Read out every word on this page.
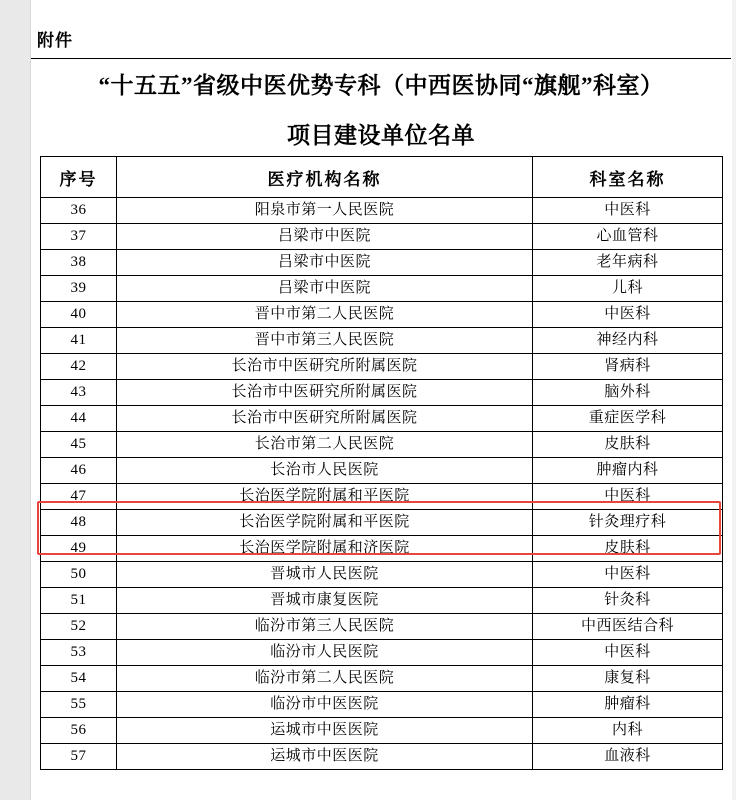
附件
“十五五”省级中医优势专科（中西医协同“旗舰”科室）
项目建设单位名单
序号	医疗机构名称	科室名称
36	阳泉市第一人民医院	中医科
37	吕梁市中医院	心血管科
38	吕梁市中医院	老年病科
39	吕梁市中医院	儿科
40	晋中市第二人民医院	中医科
41	晋中市第三人民医院	神经内科
42	长治市中医研究所附属医院	肾病科
43	长治市中医研究所附属医院	脑外科
44	长治市中医研究所附属医院	重症医学科
45	长治市第二人民医院	皮肤科
46	长治市人民医院	肿瘤内科
47	长治医学院附属和平医院	中医科
48	长治医学院附属和平医院	针灸理疗科
49	长治医学院附属和济医院	皮肤科
50	晋城市人民医院	中医科
51	晋城市康复医院	针灸科
52	临汾市第三人民医院	中西医结合科
53	临汾市人民医院	中医科
54	临汾市第二人民医院	康复科
55	临汾市中医医院	肿瘤科
56	运城市中医医院	内科
57	运城市中医医院	血液科
